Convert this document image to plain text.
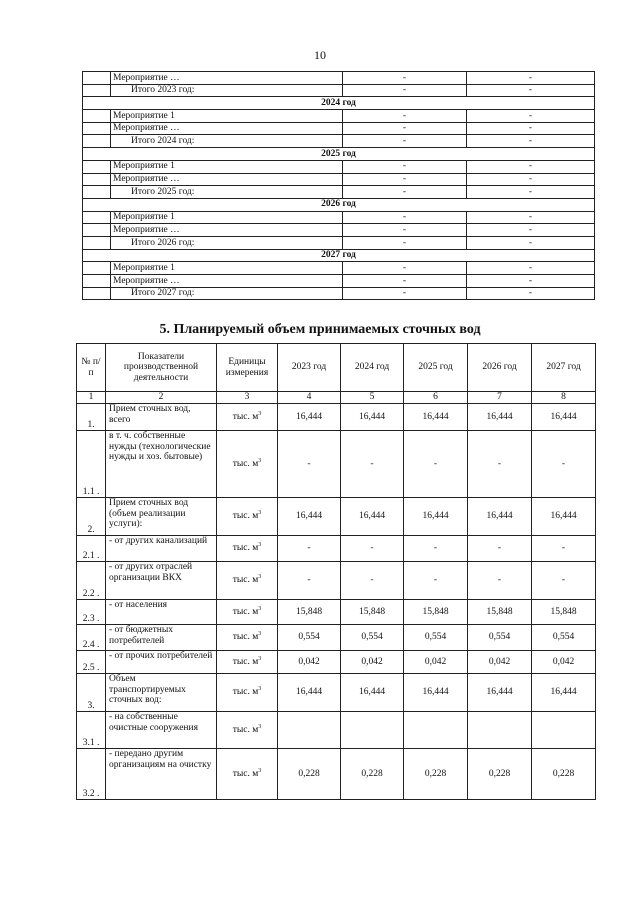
10
	Мероприятие …	-	-
	Итого 2023 год:	-	-
2024 год			
	Мероприятие 1	-	-
	Мероприятие …	-	-
	Итого 2024 год:	-	-
2025 год			
	Мероприятие 1	-	-
	Мероприятие …	-	-
	Итого 2025 год:	-	-
2026 год			
	Мероприятие 1	-	-
	Мероприятие …	-	-
	Итого 2026 год:	-	-
2027 год			
	Мероприятие 1	-	-
	Мероприятие …	-	-
	Итого 2027 год:	-	-
5. Планируемый объем принимаемых сточных вод
№ п/п	Показатели производственной деятельности	Единицы измерения	2023 год	2024 год	2025 год	2026 год	2027 год
1	2	3	4	5	6	7	8
1.	Прием сточных вод, всего	тыс. $м^3$	16,444	16,444	16,444	16,444	16,444
1.1 .	в т. ч. собственные нужды (технологические нужды и хоз. бытовые)	тыс. $м^3$	-	-	-	-	-
2.	Прием сточных вод (объем реализации услуги):	тыс. $м^3$	16,444	16,444	16,444	16,444	16,444
2.1 .	- от других канализаций	тыс. $м^3$	-	-	-	-	-
2.2 .	- от других отраслей организации ВКХ	тыс. $м^3$	-	-	-	-	-
2.3 .	- от населения	тыс. $м^3$	15,848	15,848	15,848	15,848	15,848
2.4 .	- от бюджетных потребителей	тыс. $м^3$	0,554	0,554	0,554	0,554	0,554
2.5 .	- от прочих потребителей	тыс. $м^3$	0,042	0,042	0,042	0,042	0,042
3.	Объем транспортируемых сточных вод:	тыс. $м^3$	16,444	16,444	16,444	16,444	16,444
3.1 .	- на собственные очистные сооружения	тыс. $м^3$					
3.2 .	- передано другим организациям на очистку	тыс. $м^3$	0,228	0,228	0,228	0,228	0,228
